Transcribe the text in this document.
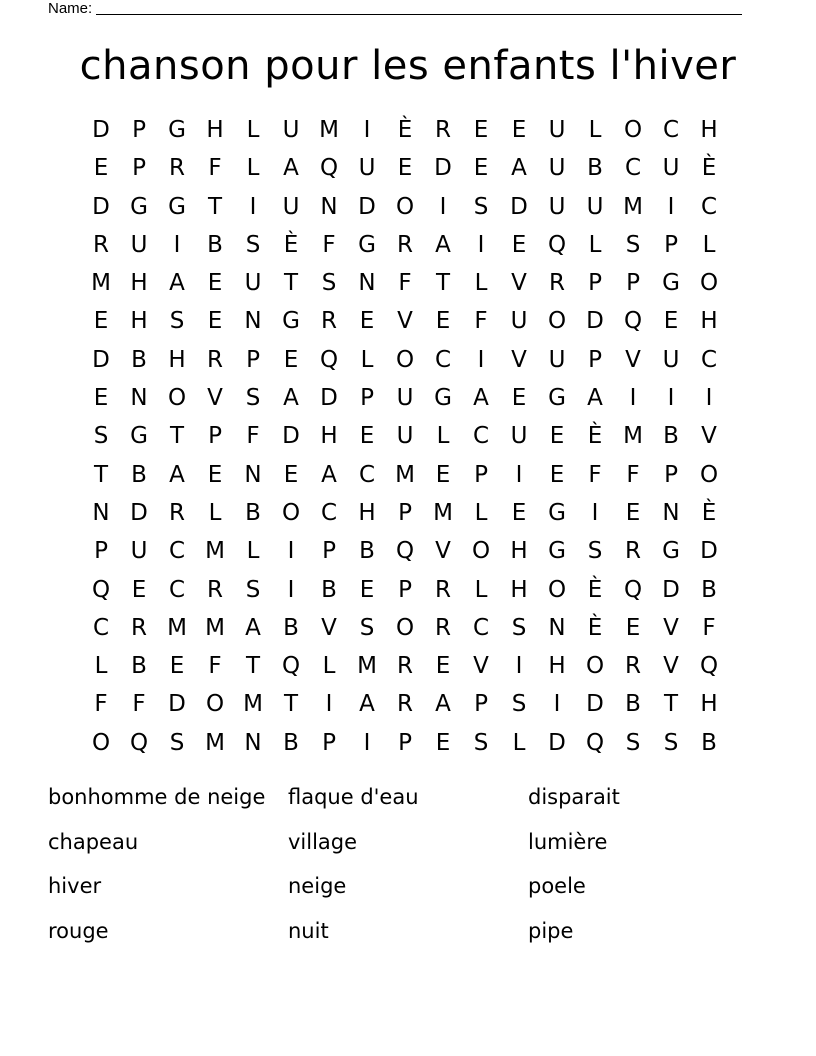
Name:
chanson pour les enfants l'hiver
D P G H L	U M	I	È R E	E U	L O C H
E	P	R	F	L	A Q U E D E A U B C U È
D G G T	I	U N D O	I	S D U U M	I	C
R U	I	B S	È	F G R A	I	E Q L	S	P	L
M H A E U T	S N F	T	L	V R	P	P G O
E H S	E N G R E V E	F U O D Q E H
D B H R	P	E Q L O C	I	V U P	V U C
E N O V S A D P U G A E G A	I	I	I
S G T	P	F D H E U	L	C U E	È M B V
T	B A E N E A C M E	P	I	E	F	F	P O
N D R	L	B O C H P M L	E G	I	E N È
P U C M L	I	P	B Q V O H G S R G D
Q E C R S	I	B E	P	R	L H O È Q D B
C R M M A B V S O R C S N È	E V	F
L	B E	F	T Q L M R E V	I	H O R V Q
F	F D O M T	I	A R A	P	S	I	D B	T H
O Q S M N B	P	I	P	E	S	L D Q S	S B
bonhomme de neige	flaque d'eau	disparait
chapeau	village	lumière
hiver	neige	poele
rouge	nuit	pipe
